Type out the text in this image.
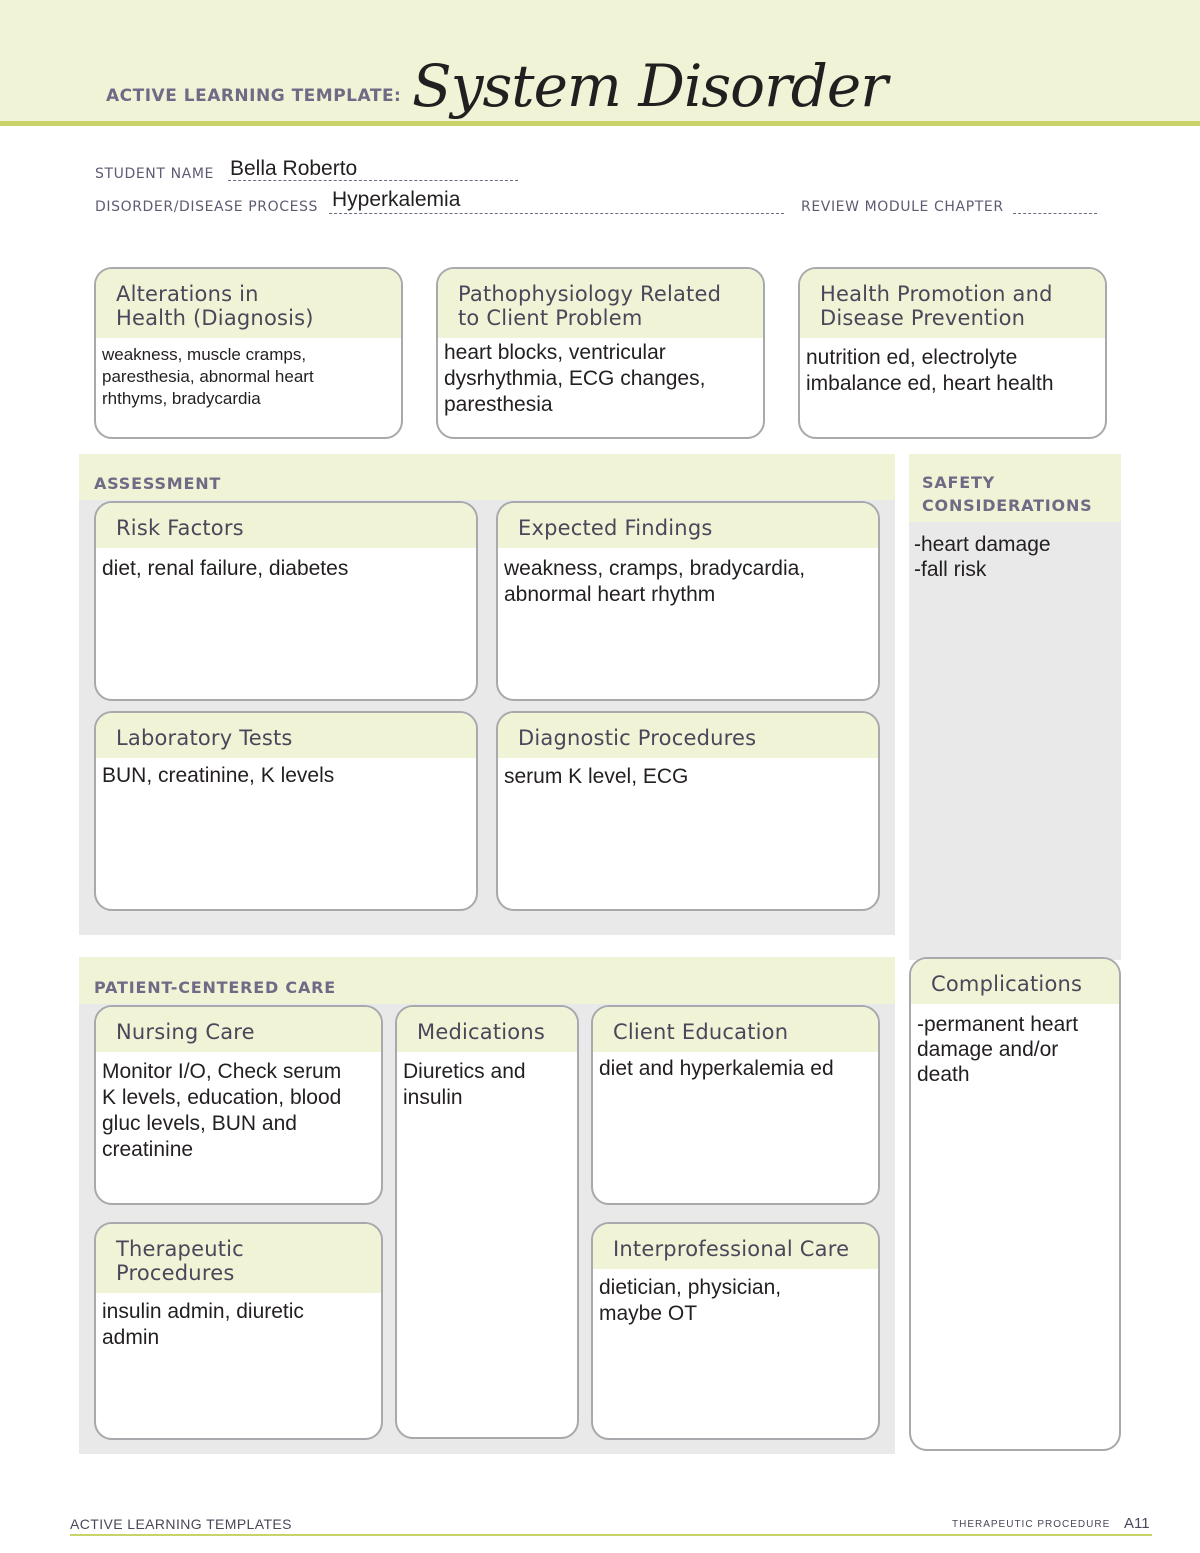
ACTIVE LEARNING TEMPLATE: System Disorder
STUDENT NAME Bella Roberto
DISORDER/DISEASE PROCESS Hyperkalemia	REVIEW MODULE CHAPTER
Alterations in
Health (Diagnosis)
weakness, muscle cramps,
paresthesia, abnormal heart
rhthyms, bradycardia
Pathophysiology Related
to Client Problem
heart blocks, ventricular
dysrhythmia, ECG changes,
paresthesia
Health Promotion and
Disease Prevention
nutrition ed, electrolyte
imbalance ed, heart health
ASSESSMENT
Risk Factors
diet, renal failure, diabetes
Expected Findings
weakness, cramps, bradycardia,
abnormal heart rhythm
Laboratory Tests
BUN, creatinine, K levels
Diagnostic Procedures
serum K level, ECG
SAFETY
CONSIDERATIONS
-heart damage
-fall risk
PATIENT-CENTERED CARE
Nursing Care
Monitor I/O, Check serum
K levels, education, blood
gluc levels, BUN and
creatinine
Medications
Diuretics and
insulin
Client Education
diet and hyperkalemia ed
Therapeutic Procedures
insulin admin, diuretic
admin
Interprofessional Care
dietician, physician,
maybe OT
Complications
-permanent heart
damage and/or
death
ACTIVE LEARNING TEMPLATES	THERAPEUTIC PROCEDURE A11
